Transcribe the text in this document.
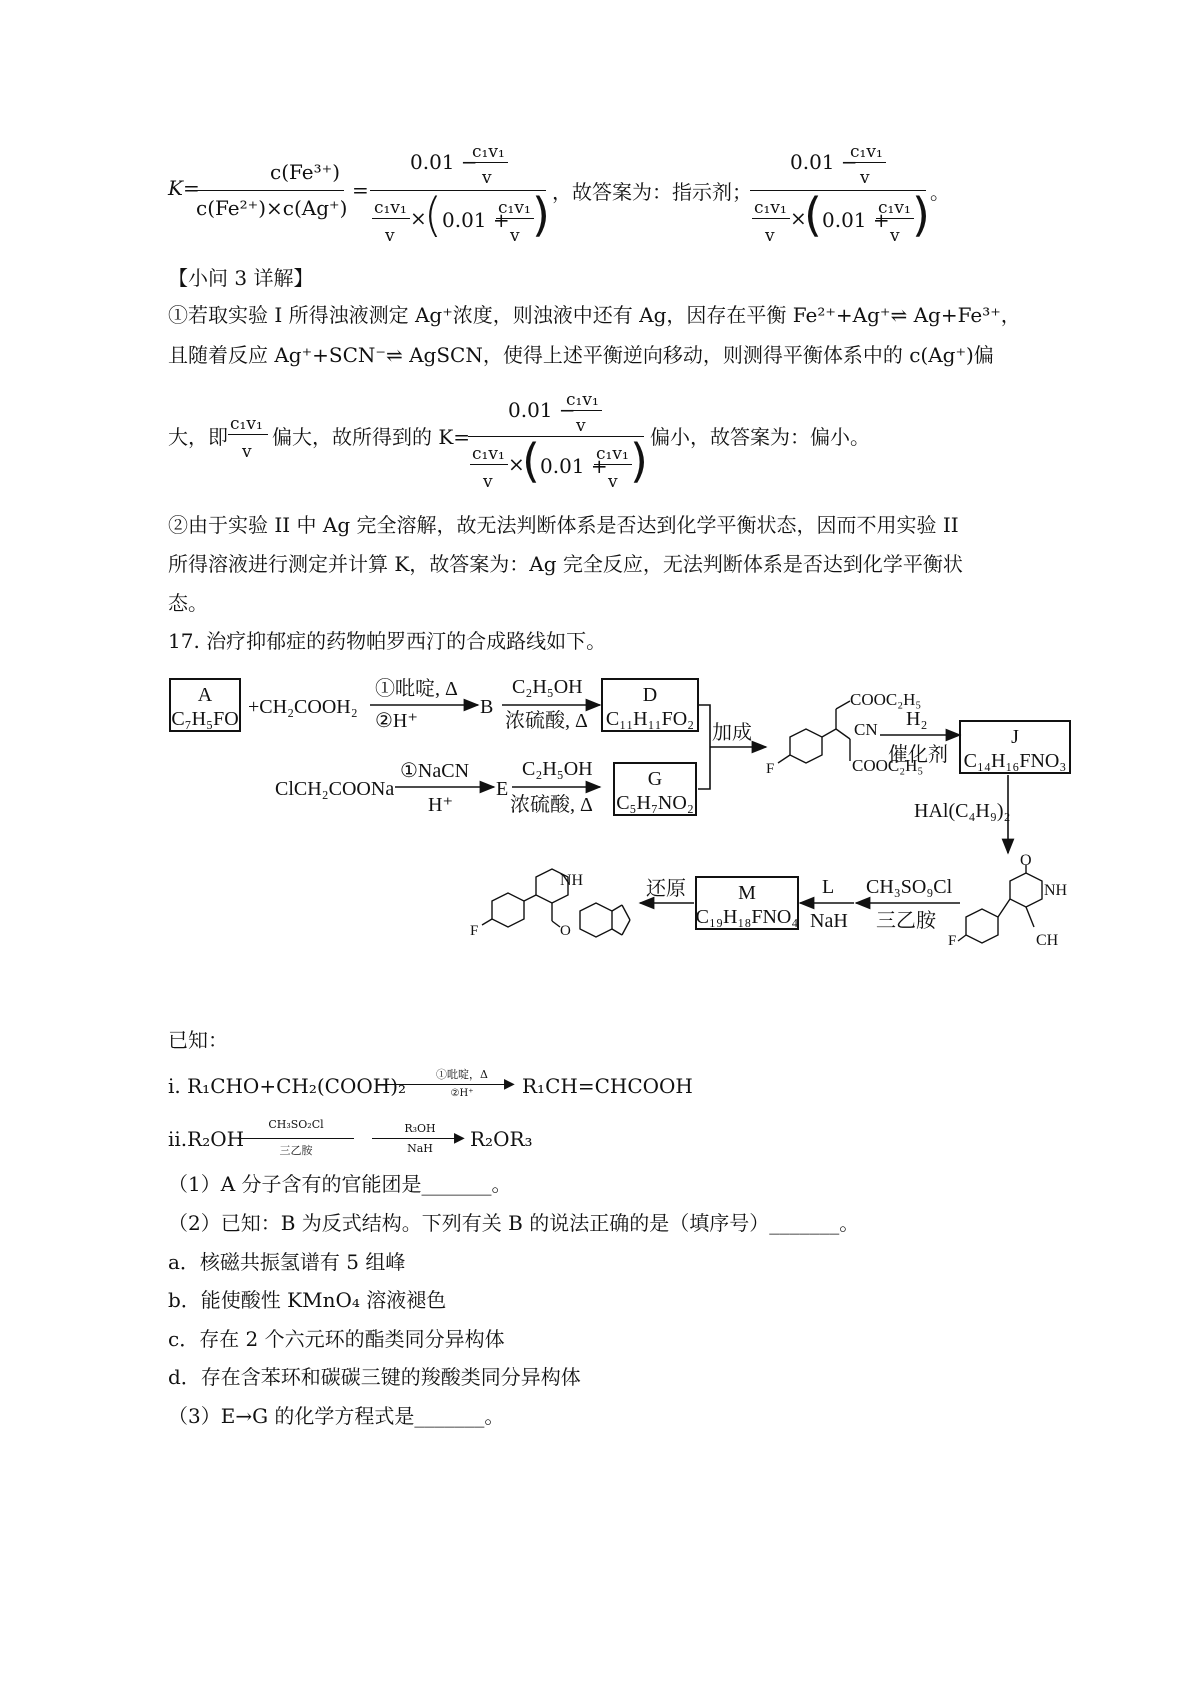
K=
c(Fe³⁺)
c(Fe²⁺)×c(Ag⁺)
=
0.01 −
c₁v₁
v
c₁v₁
v
×
( 0.01 +
c₁v₁
v ) ，故答案为：指示剂；
0.01 −
c₁v₁
v
c₁v₁
v
×
( 0.01 +
c₁v₁
v ) 。
【小问 3 详解】
①若取实验 I 所得浊液测定 Ag⁺浓度，则浊液中还有 Ag，因存在平衡 Fe²⁺+Ag⁺⇌ Ag+Fe³⁺，
且随着反应 Ag⁺+SCN⁻⇌ AgSCN，使得上述平衡逆向移动，则测得平衡体系中的 c(Ag⁺)偏
大，即
c₁v₁
v
偏大，故所得到的 K=
0.01 −
c₁v₁
v
c₁v₁
v
×
( 0.01 +
c₁v₁
v ) 偏小，故答案为：偏小。
②由于实验 II 中 Ag 完全溶解，故无法判断体系是否达到化学平衡状态，因而不用实验 II
所得溶液进行测定并计算 K，故答案为：Ag 完全反应，无法判断体系是否达到化学平衡状
态。
17. 治疗抑郁症的药物帕罗西汀的合成路线如下。
A
C₇H₅FO
+CH₂COOH₂
①吡啶, Δ
②H⁺
B
C₂H₅OH
浓硫酸, Δ
D
C₁₁H₁₁FO₂
ClCH₂COONa
①NaCN
H⁺
E
C₂H₅OH
浓硫酸, Δ
G
C₅H₇NO₂
加成
COOC₂H₅
CN
COOC₂H₅
F
H₂
催化剂
J
C₁₄H₁₆FNO₃
HAl(C₄H₉)₂
O
NH
CH
F
CH₃SO₉Cl
三乙胺
L
NaH
M
C₁₉H₁₈FNO₄
还原
NH
O
F
已知：
i. R₁CHO+CH₂(COOH)₂	①吡啶，Δ
▶
②H⁺	R₁CH=CHCOOH
ii.R₂OH
CH₃SO₂Cl
三乙胺
R₃OH
▶
NaH	R₂OR₃
（1）A 分子含有的官能团是_______。
（2）已知：B 为反式结构。下列有关 B 的说法正确的是（填序号）_______。
a．核磁共振氢谱有 5 组峰
b．能使酸性 KMnO₄ 溶液褪色
c．存在 2 个六元环的酯类同分异构体
d．存在含苯环和碳碳三键的羧酸类同分异构体
（3）E→G 的化学方程式是_______。
